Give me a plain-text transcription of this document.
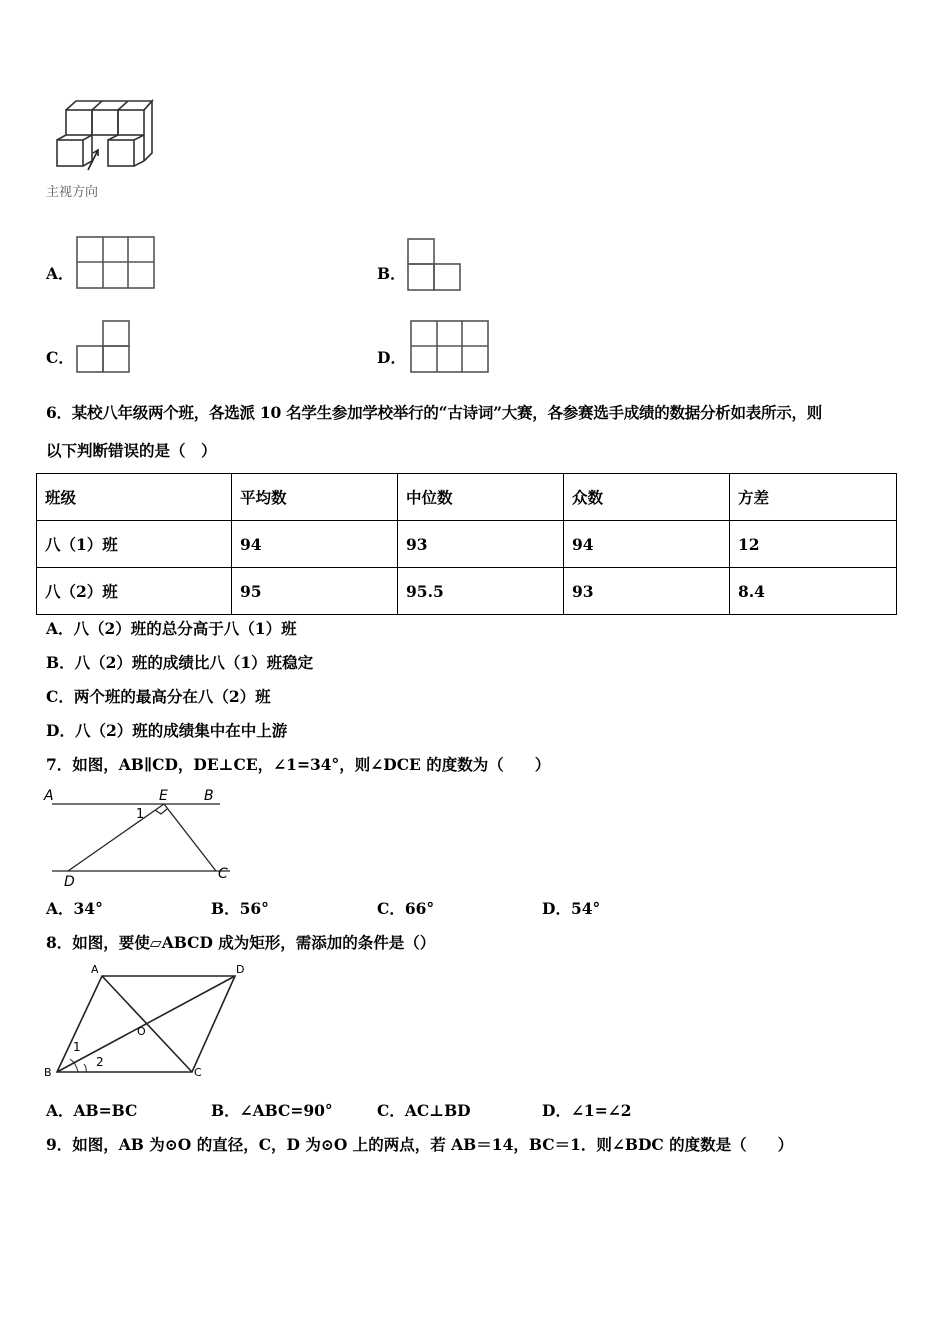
主视方向
A．	B．
C．	D．
6．某校八年级两个班，各选派 10 名学生参加学校举行的“古诗词”大赛，各参赛选手成绩的数据分析如表所示，则
以下判断错误的是（　）
班级	平均数	中位数	众数	方差
八（1）班	94	93	94	12
八（2）班	95	95.5	93	8.4
A．八（2）班的总分高于八（1）班
B．八（2）班的成绩比八（1）班稳定
C．两个班的最高分在八（2）班
D．八（2）班的成绩集中在中上游
7．如图，AB∥CD，DE⊥CE，∠1=34°，则∠DCE 的度数为（　　）
A	E	B
1
D	C
A．34°	B．56°	C．66°	D．54°
8．如图，要使▱ABCD 成为矩形，需添加的条件是（）
A	D
O
1
2
B	C
A．AB=BC	B．∠ABC=90°	C．AC⊥BD	D．∠1=∠2
9．如图，AB 为⊙O 的直径，C，D 为⊙O 上的两点，若 AB＝14，BC＝1．则∠BDC 的度数是（　　）
